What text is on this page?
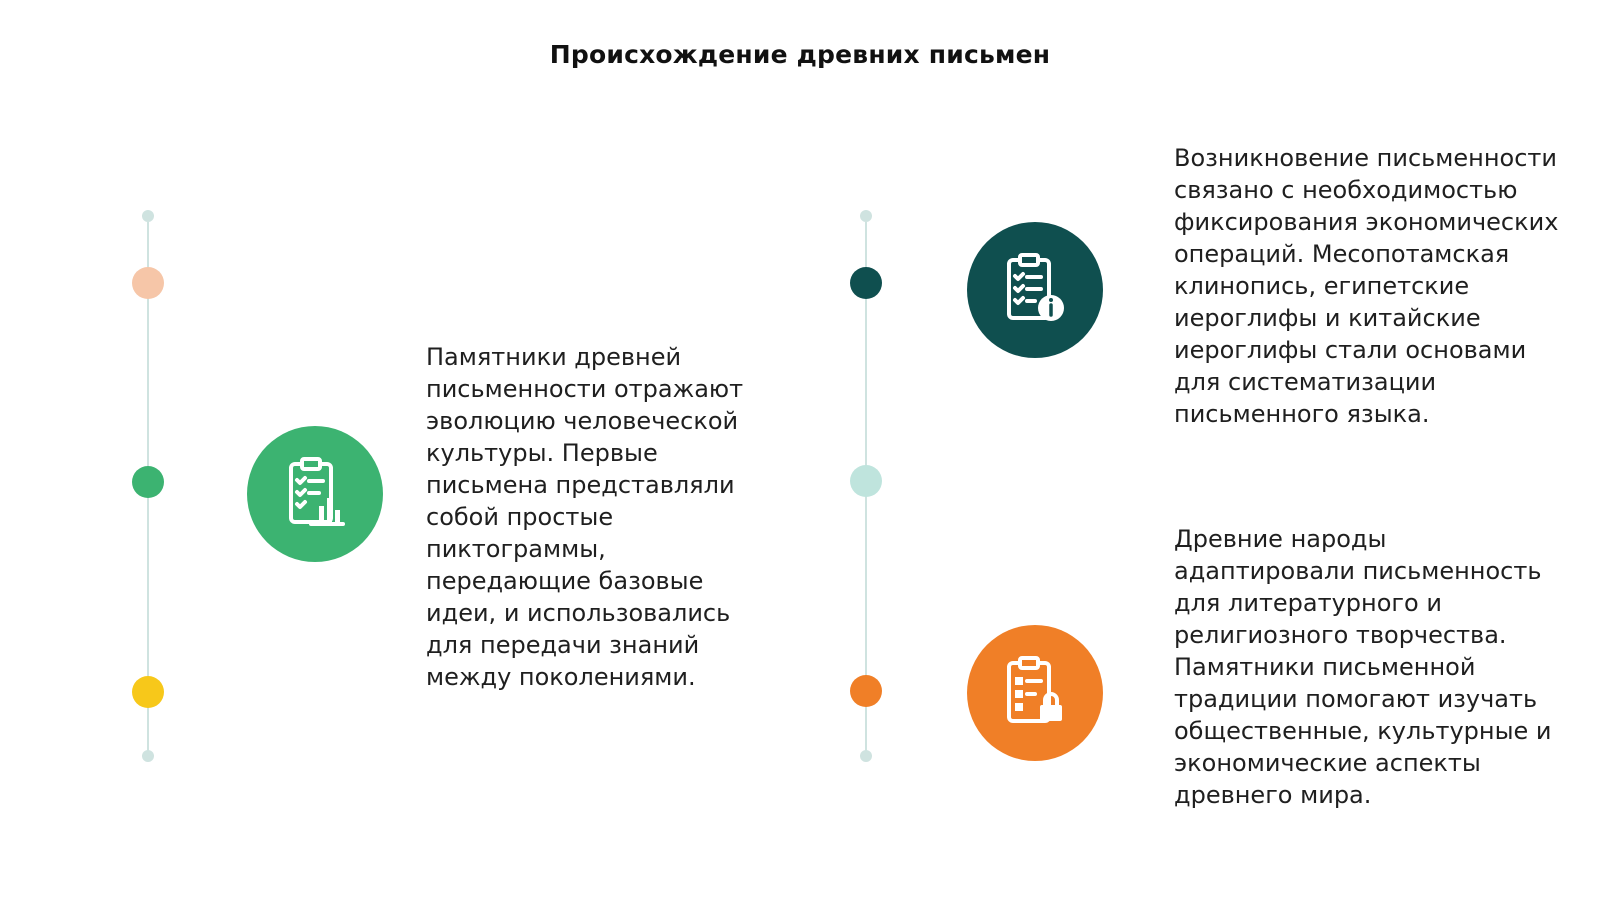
Происхождение древних письмен
Памятники древней письменности отражают эволюцию человеческой культуры. Первые письмена представляли собой простые пиктограммы, передающие базовые идеи, и использовались для передачи знаний между поколениями.
Возникновение письменности связано с необходимостью фиксирования экономических операций. Месопотамская клинопись, египетские иероглифы и китайские иероглифы стали основами для систематизации письменного языка.
Древние народы адаптировали письменность для литературного и религиозного творчества. Памятники письменной традиции помогают изучать общественные, культурные и экономические аспекты древнего мира.
